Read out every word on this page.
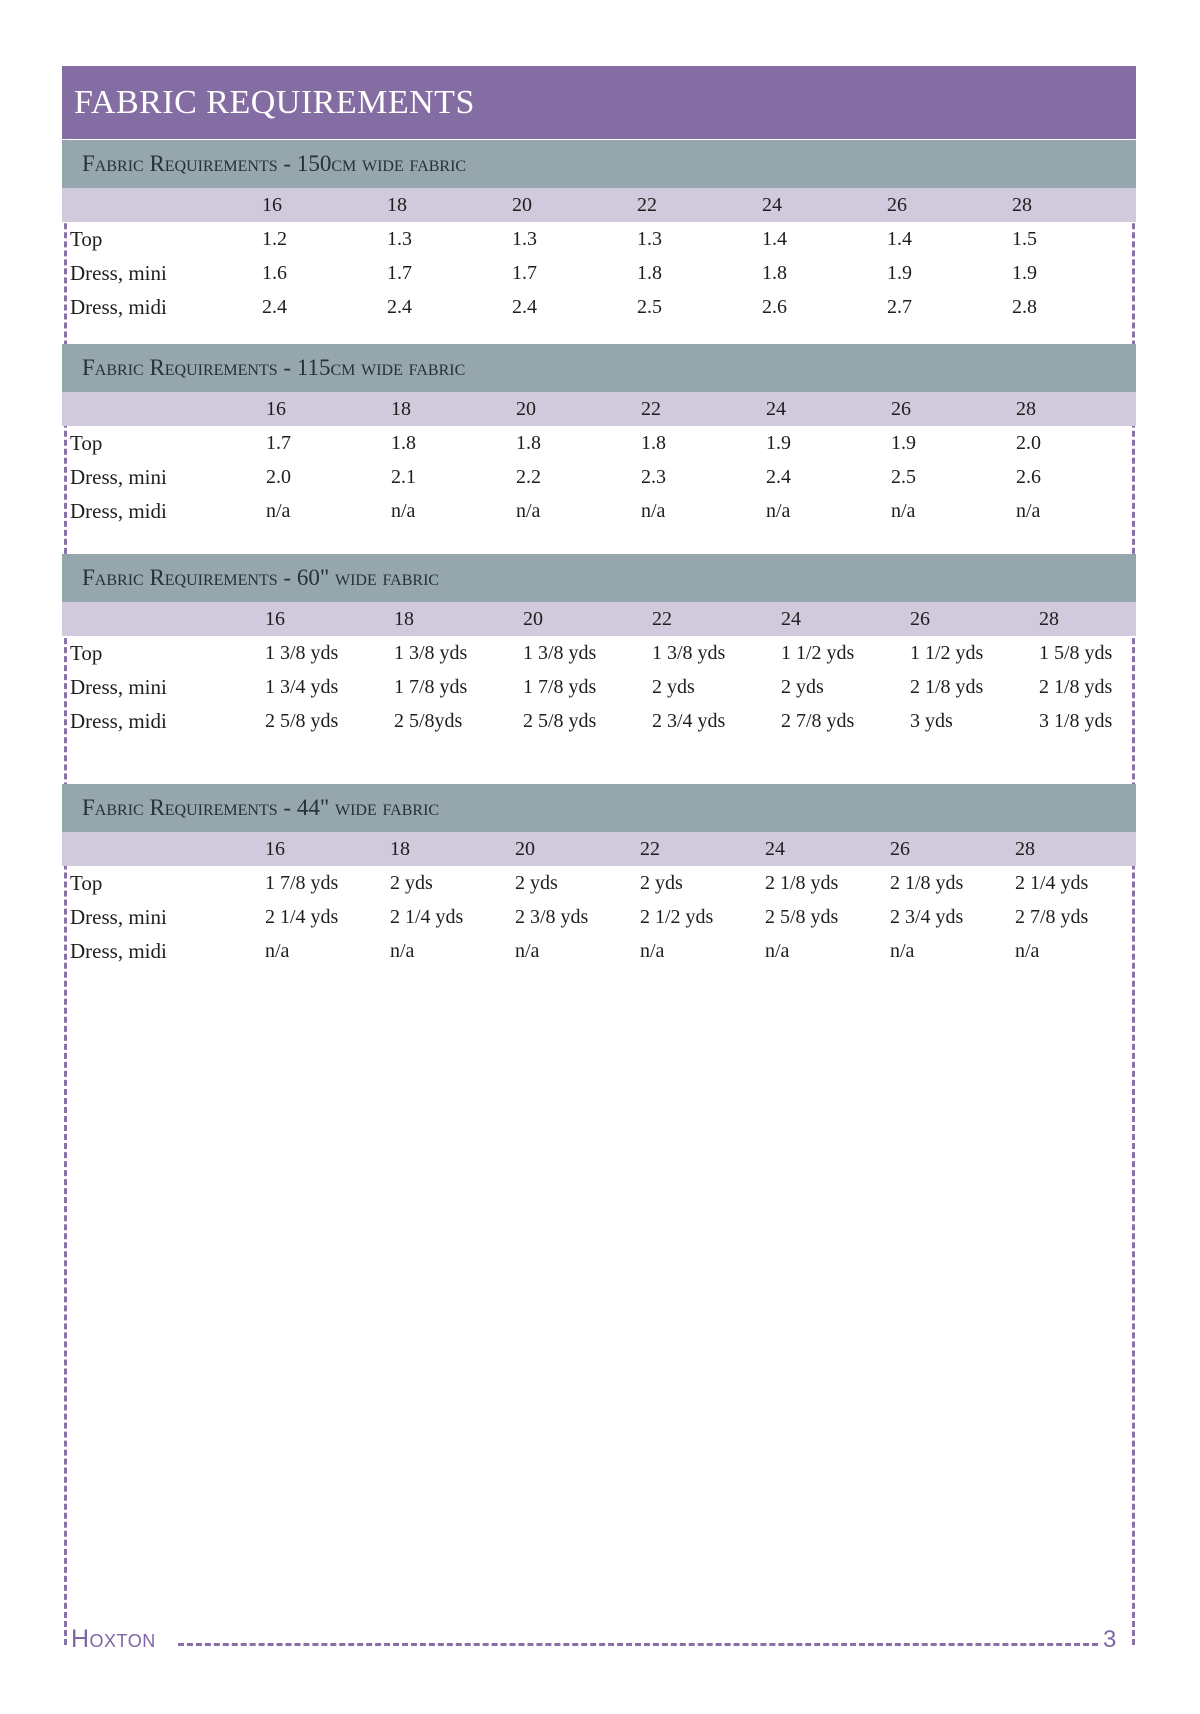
FABRIC REQUIREMENTS
Fabric Requirements - 150cm wide fabric
16	18	20	22	24	26	28
Top	1.2	1.3	1.3	1.3	1.4	1.4	1.5
Dress, mini	1.6	1.7	1.7	1.8	1.8	1.9	1.9
Dress, midi	2.4	2.4	2.4	2.5	2.6	2.7	2.8
Fabric Requirements - 115cm wide fabric
16	18	20	22	24	26	28
Top	1.7	1.8	1.8	1.8	1.9	1.9	2.0
Dress, mini	2.0	2.1	2.2	2.3	2.4	2.5	2.6
Dress, midi	n/a	n/a	n/a	n/a	n/a	n/a	n/a
Fabric Requirements - 60" wide fabric
16	18	20	22	24	26	28
Top	1 3/8 yds	1 3/8 yds	1 3/8 yds	1 3/8 yds	1 1/2 yds	1 1/2 yds	1 5/8 yds
Dress, mini	1 3/4 yds	1 7/8 yds	1 7/8 yds	2 yds	2 yds	2 1/8 yds	2 1/8 yds
Dress, midi	2 5/8 yds	2 5/8yds	2 5/8 yds	2 3/4 yds	2 7/8 yds	3 yds	3 1/8 yds
Fabric Requirements - 44" wide fabric
16	18	20	22	24	26	28
Top	1 7/8 yds	2 yds	2 yds	2 yds	2 1/8 yds	2 1/8 yds	2 1/4 yds
Dress, mini	2 1/4 yds	2 1/4 yds	2 3/8 yds	2 1/2 yds	2 5/8 yds	2 3/4 yds	2 7/8 yds
Dress, midi	n/a	n/a	n/a	n/a	n/a	n/a	n/a
Hoxton	3
